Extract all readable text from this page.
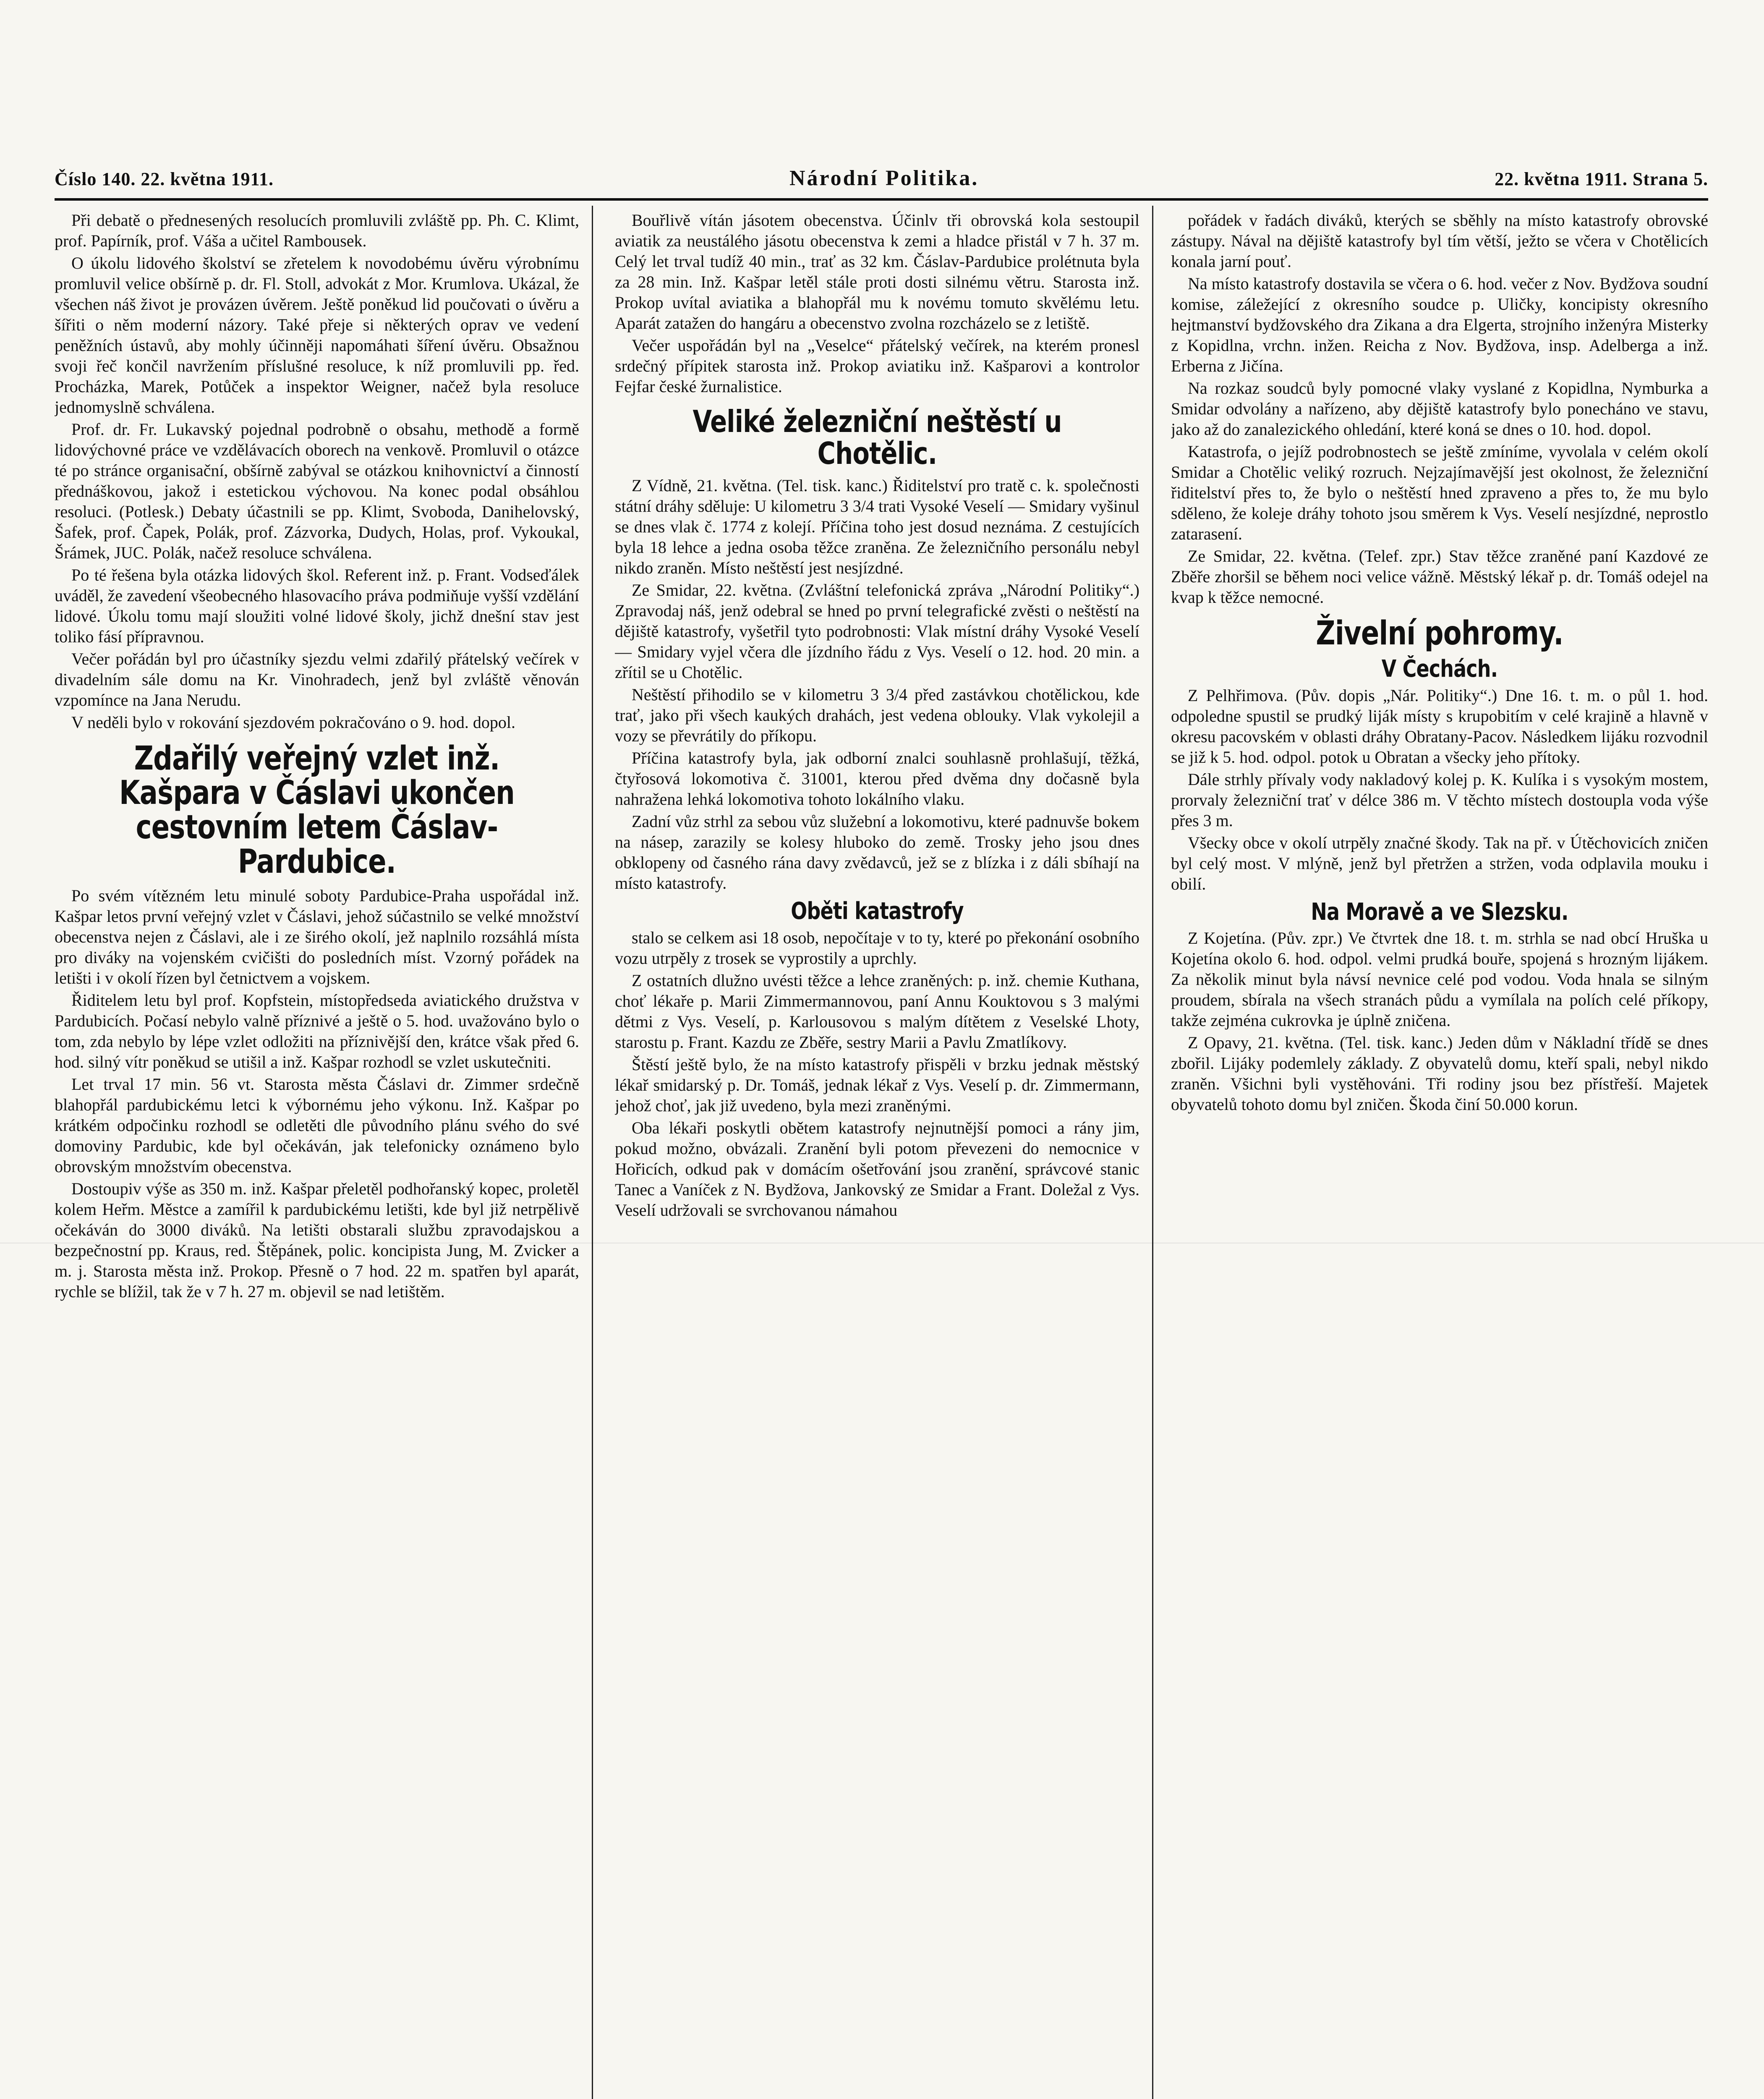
Číslo 140. 22. května 1911.	Národní Politika.	22. května 1911. Strana 5.

Při debatě o přednesených resolucích promluvili zvláště pp. Ph. C. Klimt, prof. Papírník, prof. Váša a učitel Rambousek.

O úkolu lidového školství se zřetelem k novodobému úvěru výrobnímu promluvil velice obšírně p. dr. Fl. Stoll, advokát z Mor. Krumlova. Ukázal, že všechen náš život je provázen úvěrem. Ještě poněkud lid poučovati o úvěru a šířiti o něm moderní názory. Také přeje si některých oprav ve vedení peněžních ústavů, aby mohly účinněji napomáhati šíření úvěru. Obsažnou svoji řeč končil navržením příslušné resoluce, k níž promluvili pp. řed. Procházka, Marek, Potůček a inspektor Weigner, načež byla resoluce jednomyslně schválena.

Prof. dr. Fr. Lukavský pojednal podrobně o obsahu, methodě a formě lidovýchovné práce ve vzdělávacích oborech na venkově. Promluvil o otázce té po stránce organisační, obšírně zabýval se otázkou knihovnictví a činností přednáškovou, jakož i estetickou výchovou. Na konec podal obsáhlou resoluci. (Potlesk.) Debaty účastnili se pp. Klimt, Svoboda, Danihelovský, Šafek, prof. Čapek, Polák, prof. Zázvorka, Dudych, Holas, prof. Vykoukal, Šrámek, JUC. Polák, načež resoluce schválena.

Po té řešena byla otázka lidových škol. Referent inž. p. Frant. Vodseďálek uváděl, že zavedení všeobecného hlasovacího práva podmiňuje vyšší vzdělání lidové. Úkolu tomu mají sloužiti volné lidové školy, jichž dnešní stav jest toliko fásí přípravnou.

Večer pořádán byl pro účastníky sjezdu velmi zdařilý přátelský večírek v divadelním sále domu na Kr. Vinohradech, jenž byl zvláště věnován vzpomínce na Jana Nerudu.

V neděli bylo v rokování sjezdovém pokračováno o 9. hod. dopol.

Zdařilý veřejný vzlet inž. Kašpara v Čáslavi ukončen cestovním letem Čáslav-Pardubice.

Po svém vítězném letu minulé soboty Pardubice-Praha uspořádal inž. Kašpar letos první veřejný vzlet v Čáslavi, jehož súčastnilo se velké množství obecenstva nejen z Čáslavi, ale i ze širého okolí, jež naplnilo rozsáhlá místa pro diváky na vojenském cvičišti do posledních míst. Vzorný pořádek na letišti i v okolí řízen byl četnictvem a vojskem.

Řiditelem letu byl prof. Kopfstein, místopředseda aviatického družstva v Pardubicích. Počasí nebylo valně příznivé a ještě o 5. hod. uvažováno bylo o tom, zda nebylo by lépe vzlet odložiti na příznivější den, krátce však před 6. hod. silný vítr poněkud se utišil a inž. Kašpar rozhodl se vzlet uskutečniti.

Let trval 17 min. 56 vt. Starosta města Čáslavi dr. Zimmer srdečně blahopřál pardubickému letci k výbornému jeho výkonu. Inž. Kašpar po krátkém odpočinku rozhodl se odletěti dle původního plánu svého do své domoviny Pardubic, kde byl očekáván, jak telefonicky oznámeno bylo obrovským množstvím obecenstva.

Dostoupiv výše as 350 m. inž. Kašpar přeletěl podhořanský kopec, proletěl kolem Heřm. Městce a zamířil k pardubickému letišti, kde byl již netrpělivě očekáván do 3000 diváků. Na letišti obstarali službu zpravodajskou a bezpečnostní pp. Kraus, red. Štěpánek, polic. koncipista Jung, M. Zvicker a m. j. Starosta města inž. Prokop. Přesně o 7 hod. 22 m. spatřen byl aparát, rychle se blížil, tak že v 7 h. 27 m. objevil se nad letištěm.

Bouřlivě vítán jásotem obecenstva. Účinlv tři obrovská kola sestoupil aviatik za neustálého jásotu obecenstva k zemi a hladce přistál v 7 h. 37 m. Celý let trval tudíž 40 min., trať as 32 km. Čáslav-Pardubice prolétnuta byla za 28 min. Inž. Kašpar letěl stále proti dosti silnému větru. Starosta inž. Prokop uvítal aviatika a blahopřál mu k novému tomuto skvělému letu. Aparát zatažen do hangáru a obecenstvo zvolna rozcházelo se z letiště.

Večer uspořádán byl na „Veselce“ přátelský večírek, na kterém pronesl srdečný přípitek starosta inž. Prokop aviatiku inž. Kašparovi a kontrolor Fejfar české žurnalistice.

Veliké železniční neštěstí u Chotělic.

Z Vídně, 21. května. (Tel. tisk. kanc.) Řiditelství pro tratě c. k. společnosti státní dráhy sděluje: U kilometru 3 3/4 trati Vysoké Veselí — Smidary vyšinul se dnes vlak č. 1774 z kolejí. Příčina toho jest dosud neznáma. Z cestujících byla 18 lehce a jedna osoba těžce zraněna. Ze železničního personálu nebyl nikdo zraněn. Místo neštěstí jest nesjízdné.

Ze Smidar, 22. května. (Zvláštní telefonická zpráva „Národní Politiky“.) Zpravodaj náš, jenž odebral se hned po první telegrafické zvěsti o neštěstí na dějiště katastrofy, vyšetřil tyto podrobnosti: Vlak místní dráhy Vysoké Veselí — Smidary vyjel včera dle jízdního řádu z Vys. Veselí o 12. hod. 20 min. a zřítil se u Chotělic.

Neštěstí přihodilo se v kilometru 3 3/4 před zastávkou chotělickou, kde trať, jako při všech kaukých drahách, jest vedena oblouky. Vlak vykolejil a vozy se převrátily do příkopu.

Příčina katastrofy byla, jak odborní znalci souhlasně prohlašují, těžká, čtyřosová lokomotiva č. 31001, kterou před dvěma dny dočasně byla nahražena lehká lokomotiva tohoto lokálního vlaku.

Zadní vůz strhl za sebou vůz služební a lokomotivu, které padnuvše bokem na násep, zarazily se kolesy hluboko do země. Trosky jeho jsou dnes obklopeny od časného rána davy zvědavců, jež se z blízka i z dáli sbíhají na místo katastrofy.

Oběti katastrofy

stalo se celkem asi 18 osob, nepočítaje v to ty, které po překonání osobního vozu utrpěly z trosek se vyprostily a uprchly.

Z ostatních dlužno uvésti těžce a lehce zraněných: p. inž. chemie Kuthana, choť lékaře p. Marii Zimmermannovou, paní Annu Kouktovou s 3 malými dětmi z Vys. Veselí, p. Karlousovou s malým dítětem z Veselské Lhoty, starostu p. Frant. Kazdu ze Zběře, sestry Marii a Pavlu Zmatlíkovy.

Štěstí ještě bylo, že na místo katastrofy přispěli v brzku jednak městský lékař smidarský p. Dr. Tomáš, jednak lékař z Vys. Veselí p. dr. Zimmermann, jehož choť, jak již uvedeno, byla mezi zraněnými.

Oba lékaři poskytli obětem katastrofy nejnutnější pomoci a rány jim, pokud možno, obvázali. Zranění byli potom převezeni do nemocnice v Hořicích, odkud pak v domácím ošetřování jsou zranění, správcové stanic Tanec a Vaníček z N. Bydžova, Jankovský ze Smidar a Frant. Doležal z Vys. Veselí udržovali se svrchovanou námahou

pořádek v řadách diváků, kterých se sběhly na místo katastrofy obrovské zástupy. Nával na dějiště katastrofy byl tím větší, ježto se včera v Chotělicích konala jarní pouť.

Na místo katastrofy dostavila se včera o 6. hod. večer z Nov. Bydžova soudní komise, záležející z okresního soudce p. Uličky, koncipisty okresního hejtmanství bydžovského dra Zikana a dra Elgerta, strojního inženýra Misterky z Kopidlna, vrchn. inžen. Reicha z Nov. Bydžova, insp. Adelberga a inž. Erberna z Jičína.

Na rozkaz soudců byly pomocné vlaky vyslané z Kopidlna, Nymburka a Smidar odvolány a nařízeno, aby dějiště katastrofy bylo ponecháno ve stavu, jako až do zanalezického ohledání, které koná se dnes o 10. hod. dopol.

Katastrofa, o jejíž podrobnostech se ještě zmíníme, vyvolala v celém okolí Smidar a Chotělic veliký rozruch. Nejzajímavější jest okolnost, že železniční řiditelství přes to, že bylo o neštěstí hned zpraveno a přes to, že mu bylo sděleno, že koleje dráhy tohoto jsou směrem k Vys. Veselí nesjízdné, neprostlo zatarasení.

Ze Smidar, 22. května. (Telef. zpr.) Stav těžce zraněné paní Kazdové ze Zběře zhoršil se během noci velice vážně. Městský lékař p. dr. Tomáš odejel na kvap k těžce nemocné.

Živelní pohromy.
V Čechách.

Z Pelhřimova. (Pův. dopis „Nár. Politiky“.) Dne 16. t. m. o půl 1. hod. odpoledne spustil se prudký liják místy s krupobitím v celé krajině a hlavně v okresu pacovském v oblasti dráhy Obratany-Pacov. Následkem lijáku rozvodnil se již k 5. hod. odpol. potok u Obratan a všecky jeho přítoky.

Dále strhly přívaly vody nakladový kolej p. K. Kulíka i s vysokým mostem, prorvaly železniční trať v délce 386 m. V těchto místech dostoupla voda výše přes 3 m.

Všecky obce v okolí utrpěly značné škody. Tak na př. v Útěchovicích zničen byl celý most. V mlýně, jenž byl přetržen a stržen, voda odplavila mouku i obilí.

Na Moravě a ve Slezsku.

Z Kojetína. (Pův. zpr.) Ve čtvrtek dne 18. t. m. strhla se nad obcí Hruška u Kojetína okolo 6. hod. odpol. velmi prudká bouře, spojená s hrozným lijákem. Za několik minut byla návsí nevnice celé pod vodou. Voda hnala se silným proudem, sbírala na všech stranách půdu a vymílala na polích celé příkopy, takže zejména cukrovka je úplně zničena.

Z Opavy, 21. května. (Tel. tisk. kanc.) Jeden dům v Nákladní třídě se dnes zbořil. Lijáky podemlely základy. Z obyvatelů domu, kteří spali, nebyl nikdo zraněn. Všichni byli vystěhováni. Tři rodiny jsou bez přístřeší. Majetek obyvatelů tohoto domu byl zničen. Škoda činí 50.000 korun.
